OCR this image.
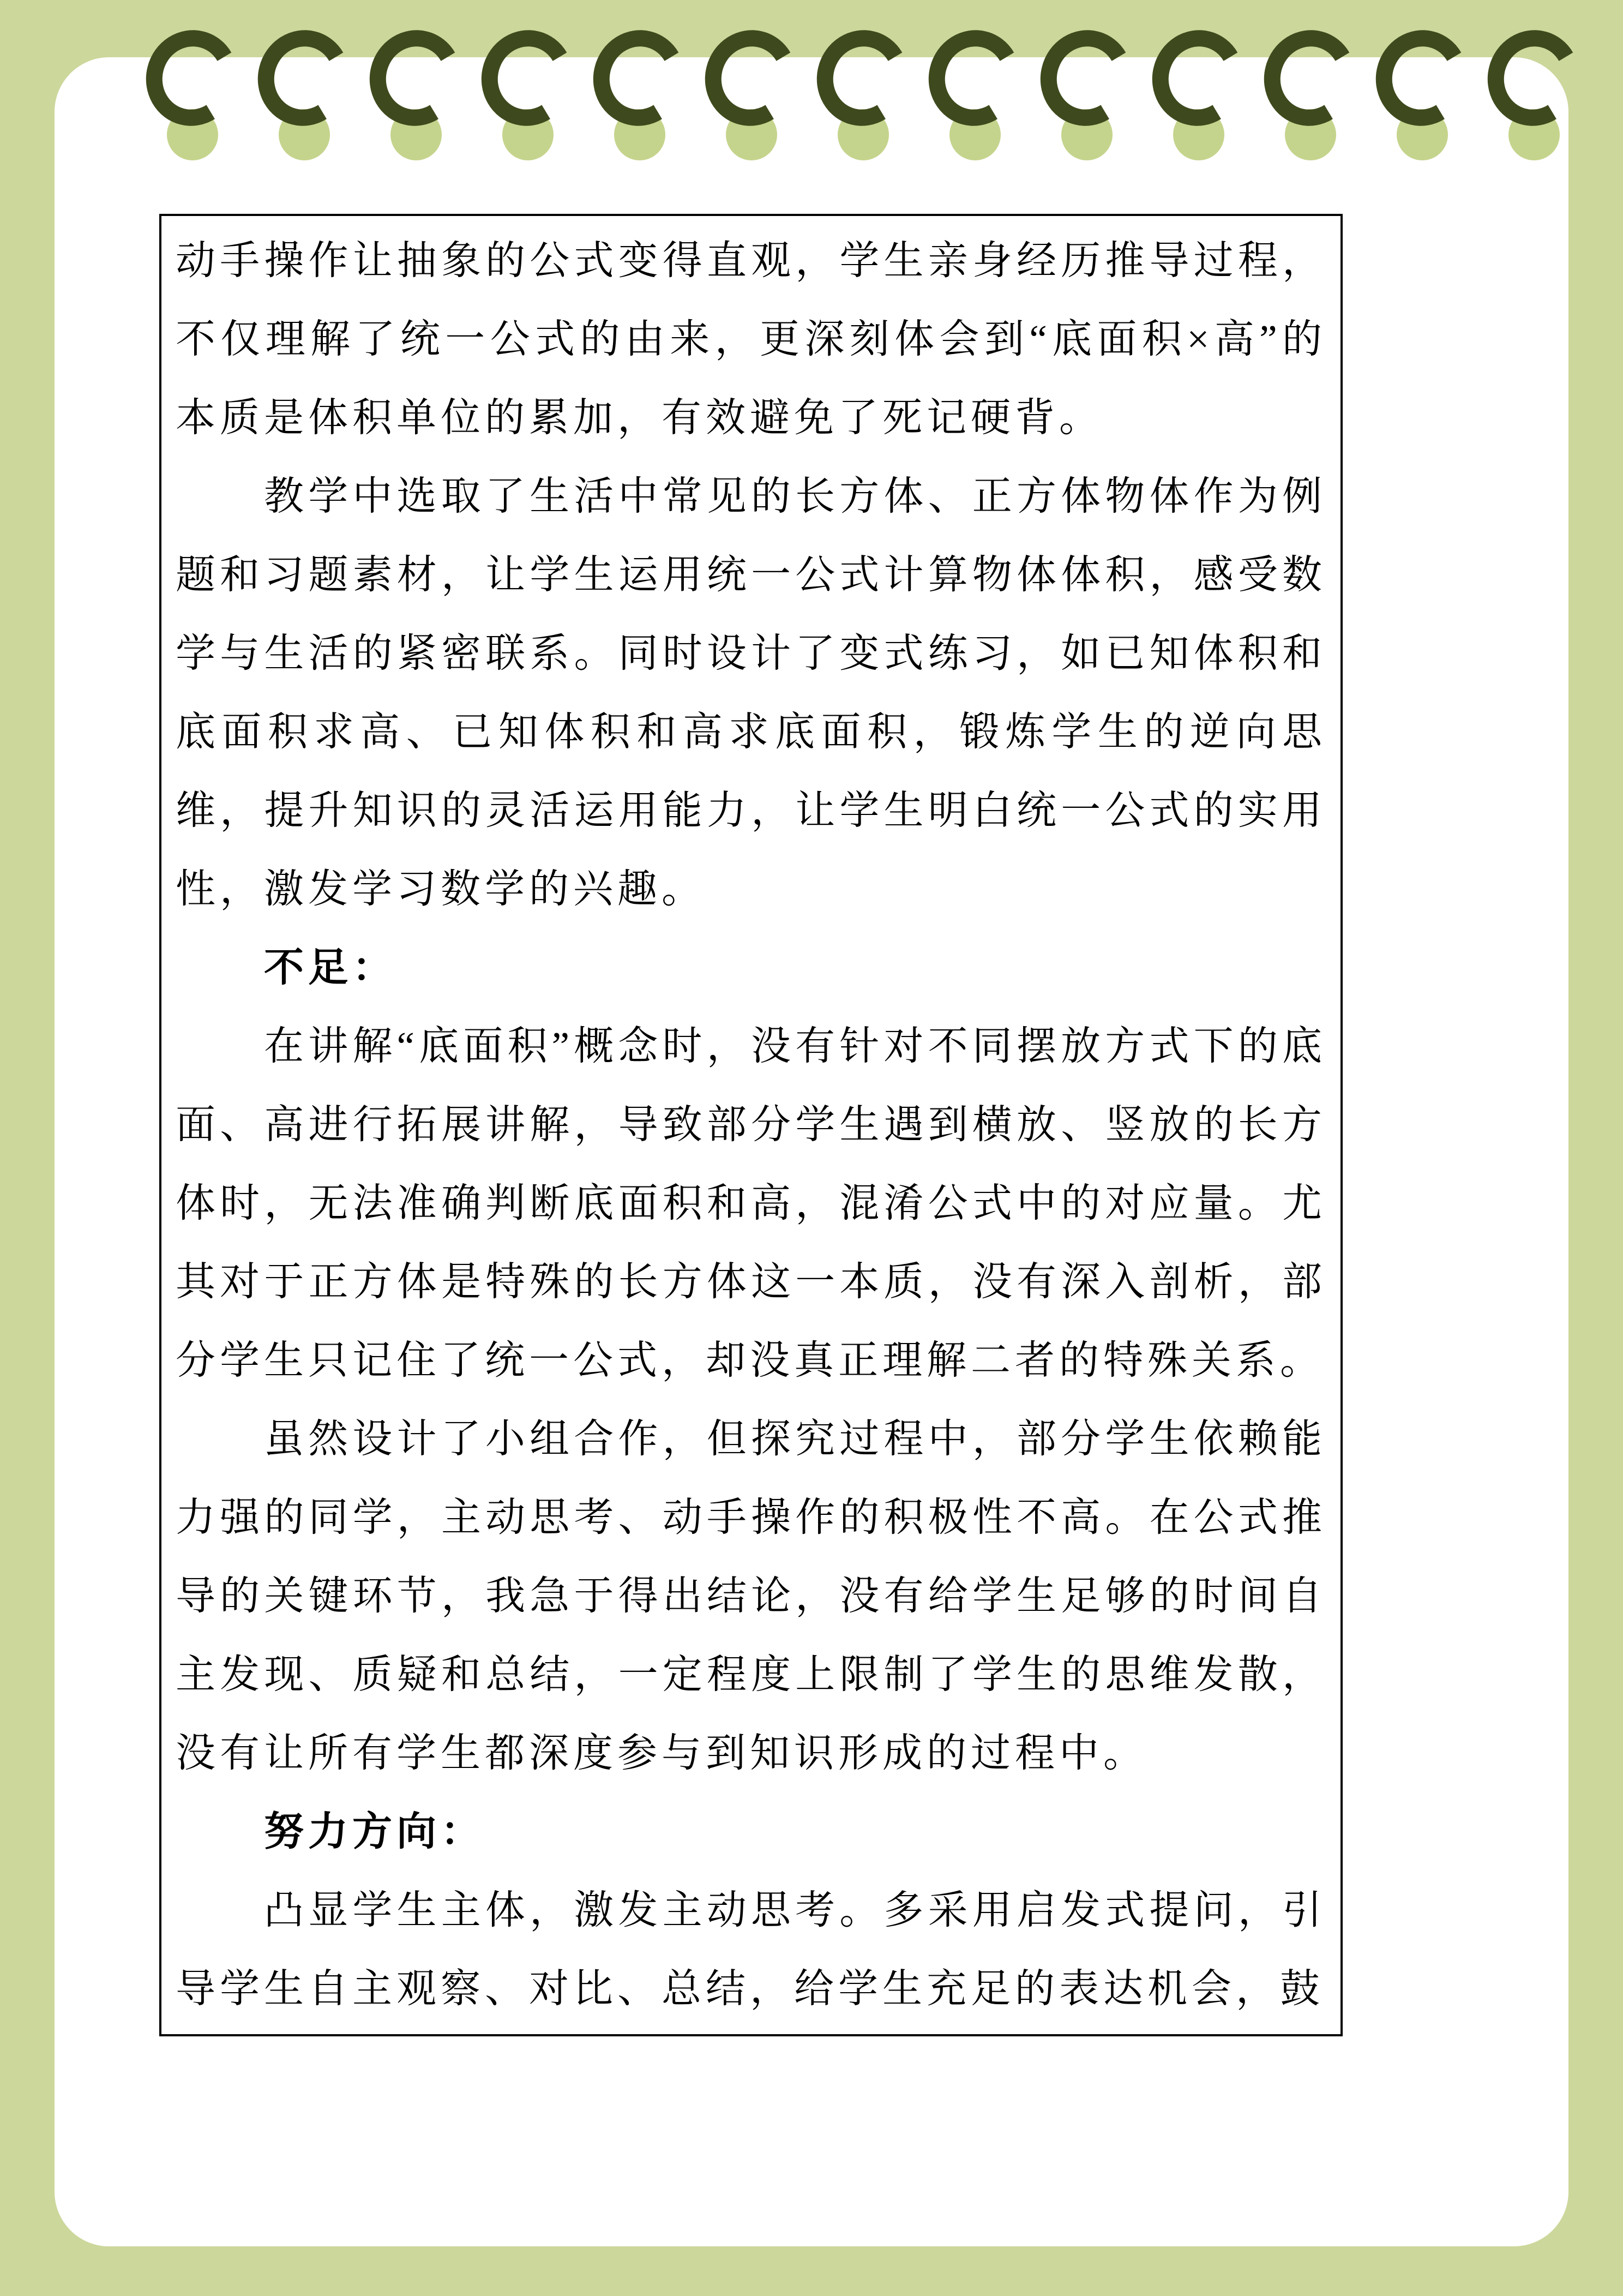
动手操作让抽象的公式变得直观，学生亲身经历推导过程，不仅理解了统一公式的由来，更深刻体会到“底面积×高”的本质是体积单位的累加，有效避免了死记硬背。

教学中选取了生活中常见的长方体、正方体物体作为例题和习题素材，让学生运用统一公式计算物体体积，感受数学与生活的紧密联系。同时设计了变式练习，如已知体积和底面积求高、已知体积和高求底面积，锻炼学生的逆向思维，提升知识的灵活运用能力，让学生明白统一公式的实用性，激发学习数学的兴趣。

不足：

在讲解“底面积”概念时，没有针对不同摆放方式下的底面、高进行拓展讲解，导致部分学生遇到横放、竖放的长方体时，无法准确判断底面积和高，混淆公式中的对应量。尤其对于正方体是特殊的长方体这一本质，没有深入剖析，部分学生只记住了统一公式，却没真正理解二者的特殊关系。

虽然设计了小组合作，但探究过程中，部分学生依赖能力强的同学，主动思考、动手操作的积极性不高。在公式推导的关键环节，我急于得出结论，没有给学生足够的时间自主发现、质疑和总结，一定程度上限制了学生的思维发散，没有让所有学生都深度参与到知识形成的过程中。

努力方向：

凸显学生主体，激发主动思考。多采用启发式提问，引导学生自主观察、对比、总结，给学生充足的表达机会，鼓
